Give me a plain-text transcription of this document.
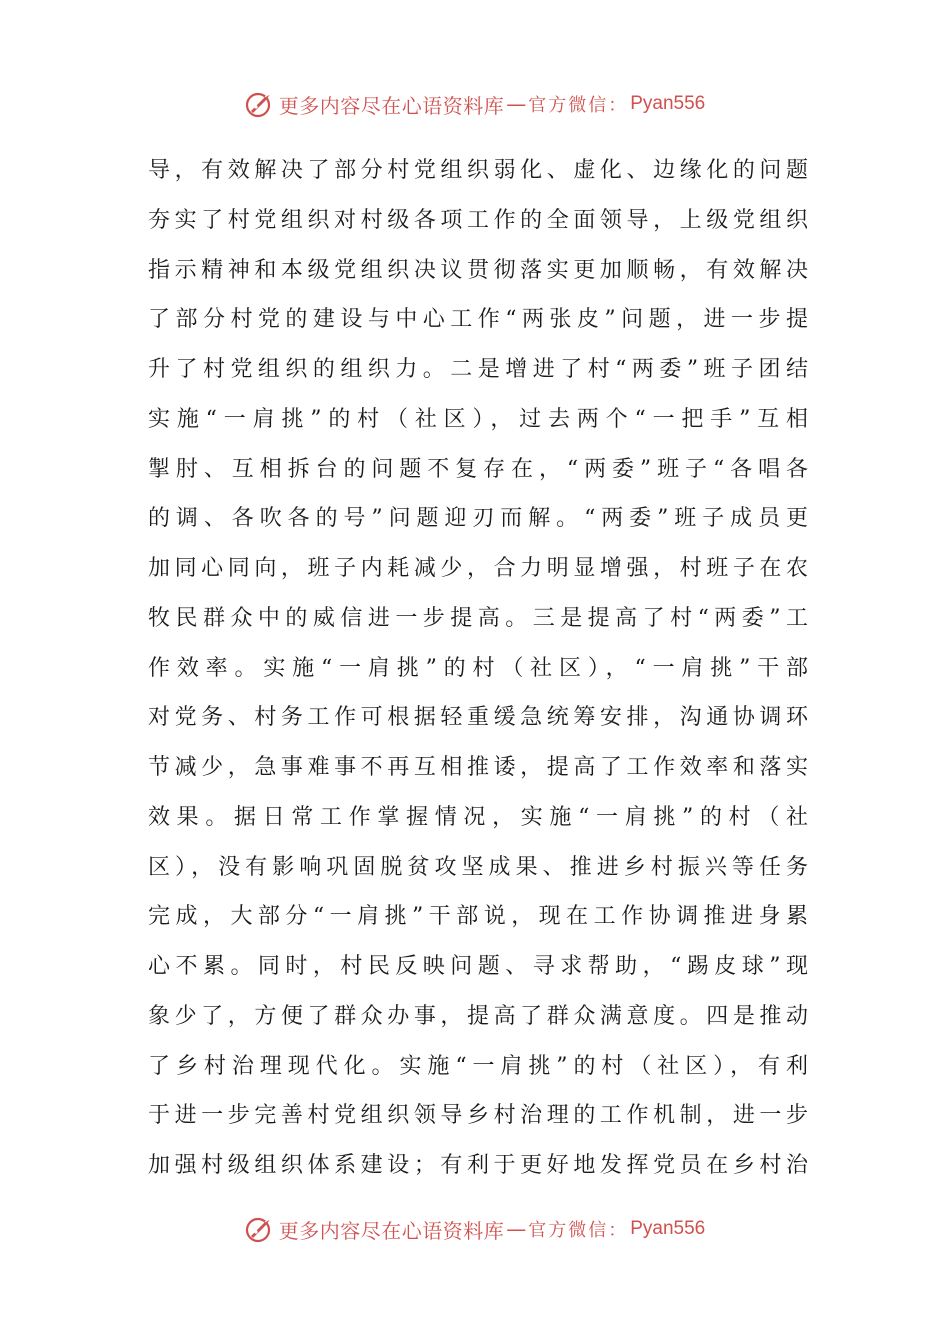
更多内容尽在心语资料库 — 官方微信： Pyan556
导，有效解决了部分村党组织弱化、虚化、边缘化的问题
夯实了村党组织对村级各项工作的全面领导，上级党组织
指示精神和本级党组织决议贯彻落实更加顺畅，有效解决
了部分村党的建设与中心工作“两张皮”问题，进一步提
升了村党组织的组织力。二是增进了村“两委”班子团结
实施“一肩挑”的村（社区），过去两个“一把手”互相
掣肘、互相拆台的问题不复存在，“两委”班子“各唱各
的调、各吹各的号”问题迎刃而解。“两委”班子成员更
加同心同向，班子内耗减少，合力明显增强，村班子在农
牧民群众中的威信进一步提高。三是提高了村“两委”工
作效率。实施“一肩挑”的村（社区），“一肩挑”干部
对党务、村务工作可根据轻重缓急统筹安排，沟通协调环
节减少，急事难事不再互相推诿，提高了工作效率和落实
效果。据日常工作掌握情况，实施“一肩挑”的村（社
区），没有影响巩固脱贫攻坚成果、推进乡村振兴等任务
完成，大部分“一肩挑”干部说，现在工作协调推进身累
心不累。同时，村民反映问题、寻求帮助，“踢皮球”现
象少了，方便了群众办事，提高了群众满意度。四是推动
了乡村治理现代化。实施“一肩挑”的村（社区），有利
于进一步完善村党组织领导乡村治理的工作机制，进一步
加强村级组织体系建设；有利于更好地发挥党员在乡村治
更多内容尽在心语资料库 — 官方微信： Pyan556
